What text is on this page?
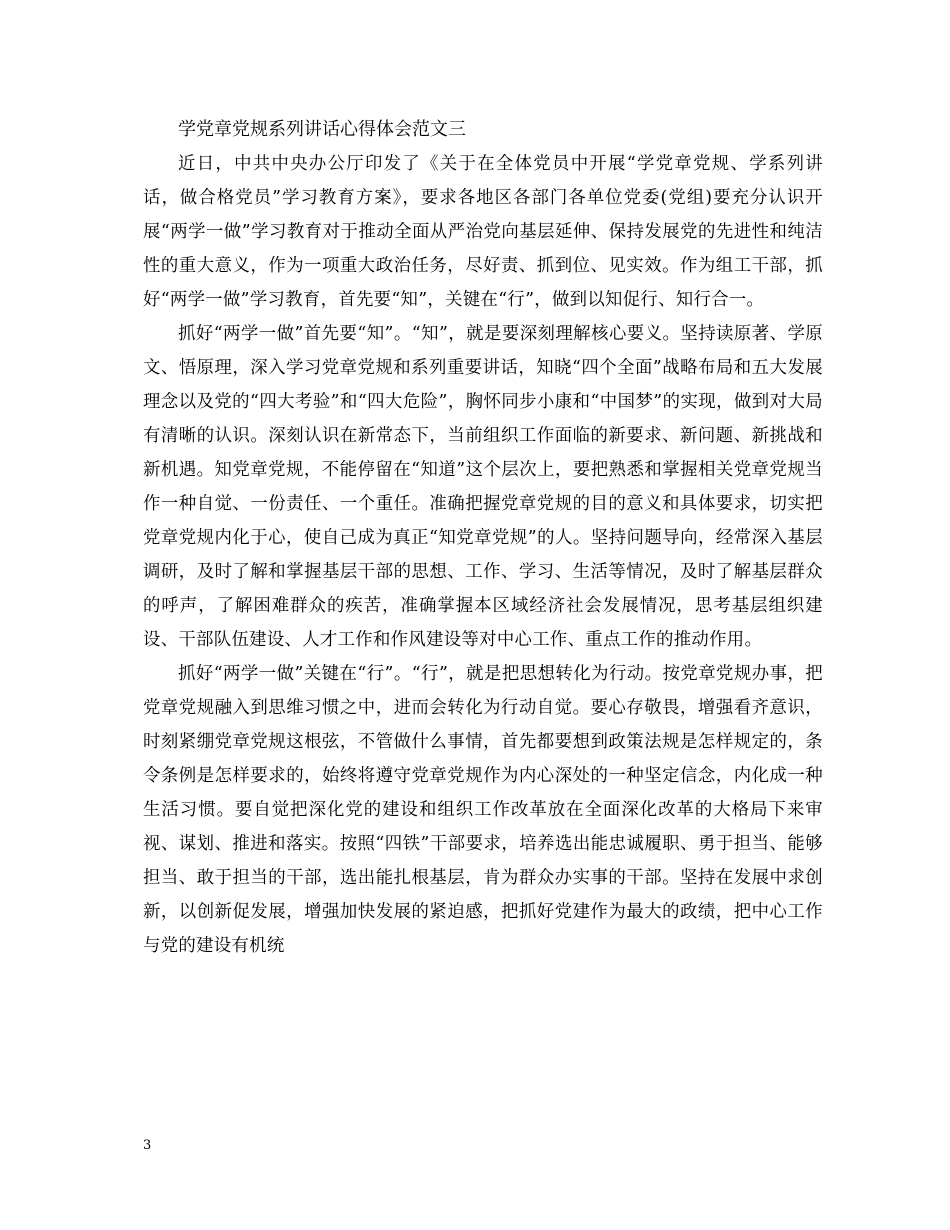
学党章党规系列讲话心得体会范文三

近日，中共中央办公厅印发了《关于在全体党员中开展“学党章党规、学系列讲话，做合格党员”学习教育方案》，要求各地区各部门各单位党委(党组)要充分认识开展“两学一做”学习教育对于推动全面从严治党向基层延伸、保持发展党的先进性和纯洁性的重大意义，作为一项重大政治任务，尽好责、抓到位、见实效。作为组工干部，抓好“两学一做”学习教育，首先要“知”，关键在“行”，做到以知促行、知行合一。

抓好“两学一做”首先要“知”。“知”，就是要深刻理解核心要义。坚持读原著、学原文、悟原理，深入学习党章党规和系列重要讲话，知晓“四个全面”战略布局和五大发展理念以及党的“四大考验”和“四大危险”，胸怀同步小康和“中国梦”的实现，做到对大局有清晰的认识。深刻认识在新常态下，当前组织工作面临的新要求、新问题、新挑战和新机遇。知党章党规，不能停留在“知道”这个层次上，要把熟悉和掌握相关党章党规当作一种自觉、一份责任、一个重任。准确把握党章党规的目的意义和具体要求，切实把党章党规内化于心，使自己成为真正“知党章党规”的人。坚持问题导向，经常深入基层调研，及时了解和掌握基层干部的思想、工作、学习、生活等情况，及时了解基层群众的呼声，了解困难群众的疾苦，准确掌握本区域经济社会发展情况，思考基层组织建设、干部队伍建设、人才工作和作风建设等对中心工作、重点工作的推动作用。

抓好“两学一做”关键在“行”。“行”，就是把思想转化为行动。按党章党规办事，把党章党规融入到思维习惯之中，进而会转化为行动自觉。要心存敬畏，增强看齐意识，时刻紧绷党章党规这根弦，不管做什么事情，首先都要想到政策法规是怎样规定的，条令条例是怎样要求的，始终将遵守党章党规作为内心深处的一种坚定信念，内化成一种生活习惯。要自觉把深化党的建设和组织工作改革放在全面深化改革的大格局下来审视、谋划、推进和落实。按照“四铁”干部要求，培养选出能忠诚履职、勇于担当、能够担当、敢于担当的干部，选出能扎根基层，肯为群众办实事的干部。坚持在发展中求创新，以创新促发展，增强加快发展的紧迫感，把抓好党建作为最大的政绩，把中心工作与党的建设有机统

3
